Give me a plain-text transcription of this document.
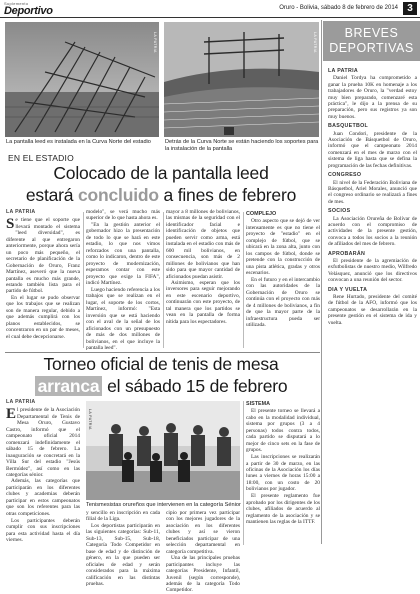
Suplemento
Deportivo	Oruro - Bolivia, sábado 8 de febrero de 2014 3
LA PATRIA
La pantalla leed es instalada en la Curva Norte del estadio
LA PATRIA
Detrás de la Curva Norte se están haciendo los soportes para la instalación de la pantalla
EN EL ESTADIO
Colocado de la pantalla leed
estará concluido a fines de febrero
LA PATRIA
Se tiene que el soporte que llevará montado el sistema "leed diversidad", es diferente al que entregaron anteriormente, porque ahora sería un poco más pequeño, el secretario de planificación de la Gobernación de Oruro, Franz Martínez, aseveró que la nueva pantalla es mucho más grande, estando también lista para el partido de fútbol.
En el lugar se pudo observar que los trabajos que se realizan son de manera regular, debido a que además cumplirá con los planos establecidos, se concentraron en un par de meses, el cual debe decepcionarse.
modelo", se verá mucho más superior de lo que hasta ahora es.
"En la gestión anterior el gobernador hizo la presentación de todo lo que se hará en este estadio, lo que nos vimos reforzados con una pantalla, como lo indicaron, dentro de este proyecto de modernización, esperamos contar con este proyecto que exige la FIFA", indicó Martínez.
Luego haciendo referencia a los trabajos que se realizan en el lugar, el soporte de los cortos, Martínez, informó: "Esta inversión que se está haciendo con el aval de la señal de los aficionados con un presupuesto de más de dos millones de bolivianos, en el que incluye la pantalla leed".
mayor a 8 millones de bolivianos, las mismas de la seguridad con el identificador facial e identificación de objetos que pueden servir como arma, está instalada en el estadio con más de 600 mil bolivianos, en consecuencia, son más de 2 millones de bolivianos que han sido para que mayor cantidad de aficionados puedan asistir.
Asimismo, esperan que los inversores para seguir mejorando en este escenario deportivo, continuarán con este proyecto, de tal manera que los partidos se vean en la pantalla de forma nítida para los espectadores.
COMPLEJO
Otro aspecto que se dejó de ver intensamente es que no tiene el proyecto de "estadio" en el complejo de fútbol, que se ubicará en la zona alta, junto con los campos de fútbol, donde se pretende con la construcción de una pista atlética, gradas y otros escenarios.
En el futuro y en el intercambio con las autoridades de la Gobernación de Oruro se continúa con el proyecto con más de 4 millones de bolivianos, a fin de que la mayor parte de la infraestructura pueda ser utilizada.
Torneo oficial de tenis de mesa
arranca el sábado 15 de febrero
LA PATRIA
El presidente de la Asociación Departamental de Tenis de Mesa Oruro, Gustavo Castro, informó que el campeonato oficial 2014 comenzará indefinidamente el sábado 15 de febrero. La inauguración se concretará en la Villa Sur del estadio "Jesús Bermúdez", así como en las categorías sénior.
Además, las categorías que participarán en los diferentes clubes y academias deberán participar en estos campeonatos que son los referentes para las otras competiciones.
Los participantes deberán cumplir con sus inscripciones para esta actividad hasta el día viernes.
LA PATRIA
Tenismesistas orureños que intervienen en la categoría Sénior
y sencillo en inscripción en cada filial de la Liga.
Los deportistas participarán en las siguientes categorías: Sub-11, Sub-13, Sub-15, Sub-18, Categoría Todo Competidor en base de edad y de distinción de género, en la que pueden ser oficiales de edad y serán considerados para la máxima calificación en las distintas pruebas.
cipio por primera vez participar con los mejores jugadores de la asociación en los diferentes clubes y así se vieron beneficiados participar de una selección departamental en categoría competitiva.
Una de las principales pruebas participantes incluye las categorías Presidente, Infantil, Juvenil (según corresponde), además de la categoría Todo Competidor.
SISTEMA
El presente torneo se llevará a cabo en la modalidad individual, sistema por grupos (3 a 4 personas) todos contra todos, cada partido se disputará a lo mejor de cinco sets en la fase de grupos.
Las inscripciones se realizarán a partir de 30 de marzo, en las oficinas de la Asociación los días lunes a viernes de horas 15:00 a 18:00, con un costo de 20 bolivianos por jugador.
El presente reglamento fue aprobado por los dirigentes de los clubes, afiliados de acuerdo al reglamento de la asociación y se mantienen las reglas de la ITTF.
BREVES
DEPORTIVAS
LA PATRIA
Daniel Tordya ha comprometido a ganar la prueba 10K en homenaje a los trabajadores de Oruro, la "verdad estoy muy bien preparado, comenzaré esta práctica", le dijo a la prensa de su preparación, pero sus registros ya son muy buenos.
BASQUETBOL
Juan Condori, presidente de la Asociación de Básquetbol de Oruro, informó que el campeonato 2014 comenzará en el mes de marzo con el sistema de liga hasta que se defina la programación de las fechas definitivas.
CONGRESO
El nivel de la Federación Boliviana de Básquetbol, Ariel Morales, anunció que el congreso ordinario se realizará a fines de mes.
SOCIOS
La Asociación Orureña de Bolívar de acuerdo con el compromiso de actividades de la presente gestión, convoca a todos los socios a la reunión de afiliados del mes de febrero.
APROBARÁN
El presidente de la agremiación de exfutbolistas de nuestro medio, Wilfredo Velásquez, anunció que los directivos convocan a una reunión del sector.
DIA Y VUELTA
Rene Hurtado, presidente del comité de fútbol de la AFO, informó que los campeonatos se desarrollarán en la presente gestión en el sistema de ida y vuelta.
